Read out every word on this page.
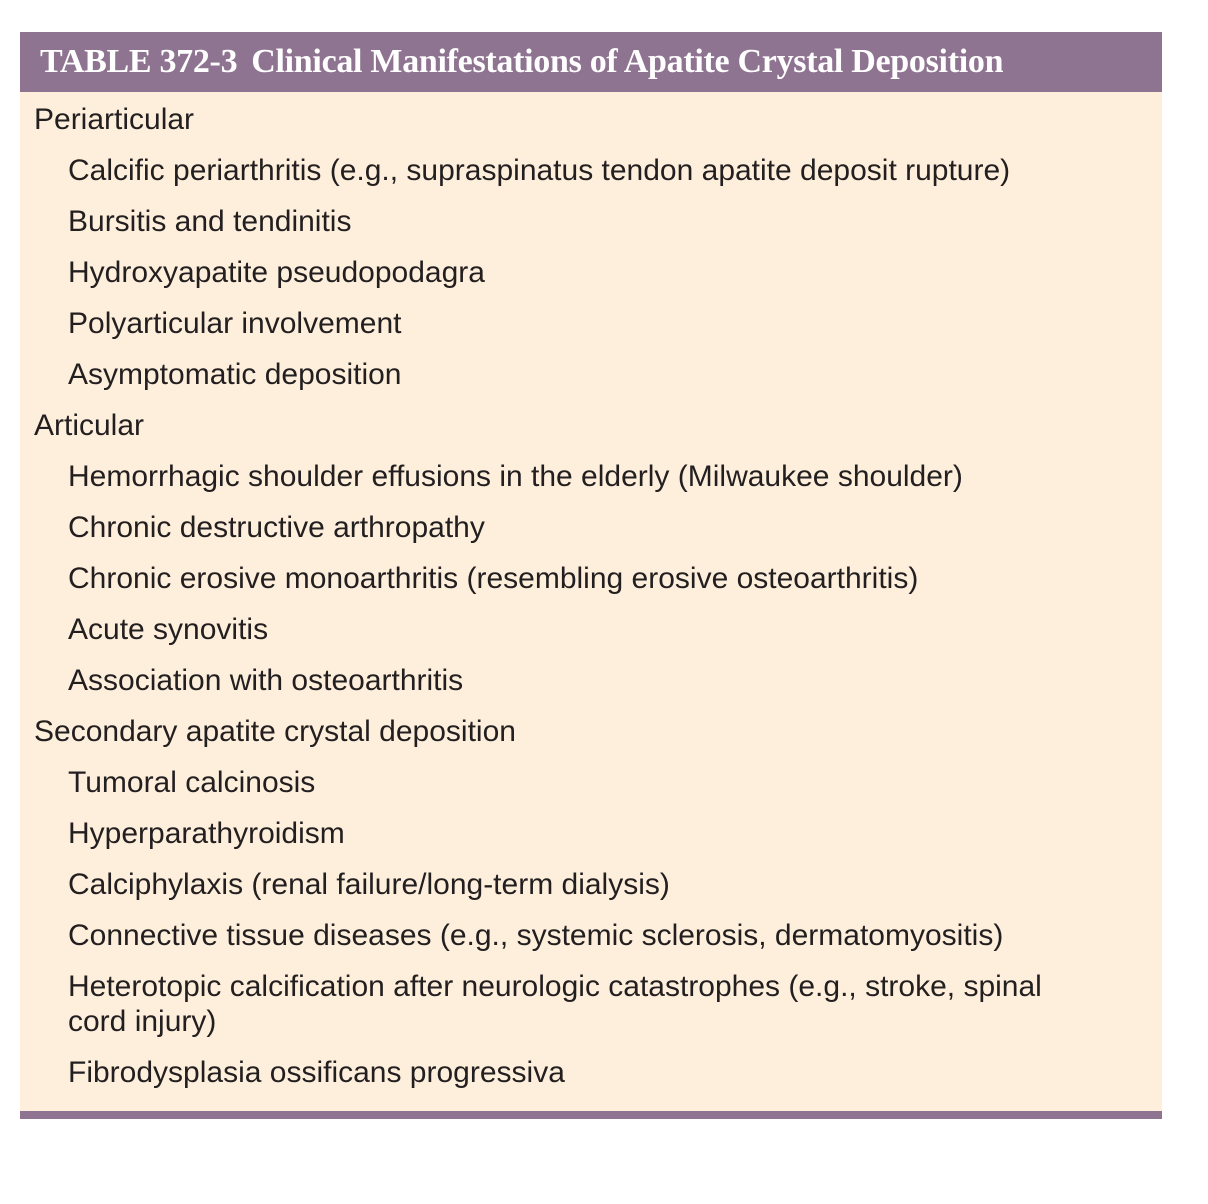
TABLE 372-3 Clinical Manifestations of Apatite Crystal Deposition
Periarticular
Calcific periarthritis (e.g., supraspinatus tendon apatite deposit rupture)
Bursitis and tendinitis
Hydroxyapatite pseudopodagra
Polyarticular involvement
Asymptomatic deposition
Articular
Hemorrhagic shoulder effusions in the elderly (Milwaukee shoulder)
Chronic destructive arthropathy
Chronic erosive monoarthritis (resembling erosive osteoarthritis)
Acute synovitis
Association with osteoarthritis
Secondary apatite crystal deposition
Tumoral calcinosis
Hyperparathyroidism
Calciphylaxis (renal failure/long-term dialysis)
Connective tissue diseases (e.g., systemic sclerosis, dermatomyositis)
Heterotopic calcification after neurologic catastrophes (e.g., stroke, spinal cord injury)
Fibrodysplasia ossificans progressiva
